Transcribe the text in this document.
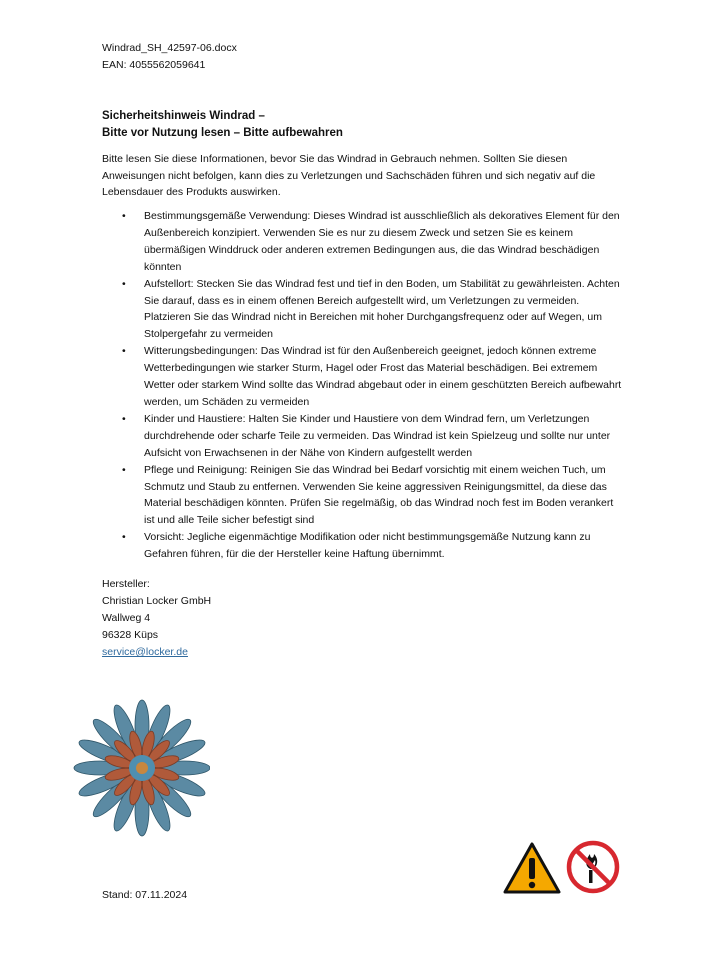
Windrad_SH_42597-06.docx
EAN: 4055562059641
Sicherheitshinweis Windrad –
Bitte vor Nutzung lesen – Bitte aufbewahren
Bitte lesen Sie diese Informationen, bevor Sie das Windrad in Gebrauch nehmen. Sollten Sie diesen Anweisungen nicht befolgen, kann dies zu Verletzungen und Sachschäden führen und sich negativ auf die Lebensdauer des Produkts auswirken.
• Bestimmungsgemäße Verwendung: Dieses Windrad ist ausschließlich als dekoratives Element für den Außenbereich konzipiert. Verwenden Sie es nur zu diesem Zweck und setzen Sie es keinem übermäßigen Winddruck oder anderen extremen Bedingungen aus, die das Windrad beschädigen könnten
• Aufstellort: Stecken Sie das Windrad fest und tief in den Boden, um Stabilität zu gewährleisten. Achten Sie darauf, dass es in einem offenen Bereich aufgestellt wird, um Verletzungen zu vermeiden. Platzieren Sie das Windrad nicht in Bereichen mit hoher Durchgangsfrequenz oder auf Wegen, um Stolpergefahr zu vermeiden
• Witterungsbedingungen: Das Windrad ist für den Außenbereich geeignet, jedoch können extreme Wetterbedingungen wie starker Sturm, Hagel oder Frost das Material beschädigen. Bei extremem Wetter oder starkem Wind sollte das Windrad abgebaut oder in einem geschützten Bereich aufbewahrt werden, um Schäden zu vermeiden
• Kinder und Haustiere: Halten Sie Kinder und Haustiere von dem Windrad fern, um Verletzungen durchdrehende oder scharfe Teile zu vermeiden. Das Windrad ist kein Spielzeug und sollte nur unter Aufsicht von Erwachsenen in der Nähe von Kindern aufgestellt werden
• Pflege und Reinigung: Reinigen Sie das Windrad bei Bedarf vorsichtig mit einem weichen Tuch, um Schmutz und Staub zu entfernen. Verwenden Sie keine aggressiven Reinigungsmittel, da diese das Material beschädigen könnten. Prüfen Sie regelmäßig, ob das Windrad noch fest im Boden verankert ist und alle Teile sicher befestigt sind
• Vorsicht: Jegliche eigenmächtige Modifikation oder nicht bestimmungsgemäße Nutzung kann zu Gefahren führen, für die der Hersteller keine Haftung übernimmt.
Hersteller:
Christian Locker GmbH
Wallweg 4
96328 Küps
service@locker.de
Stand: 07.11.2024
